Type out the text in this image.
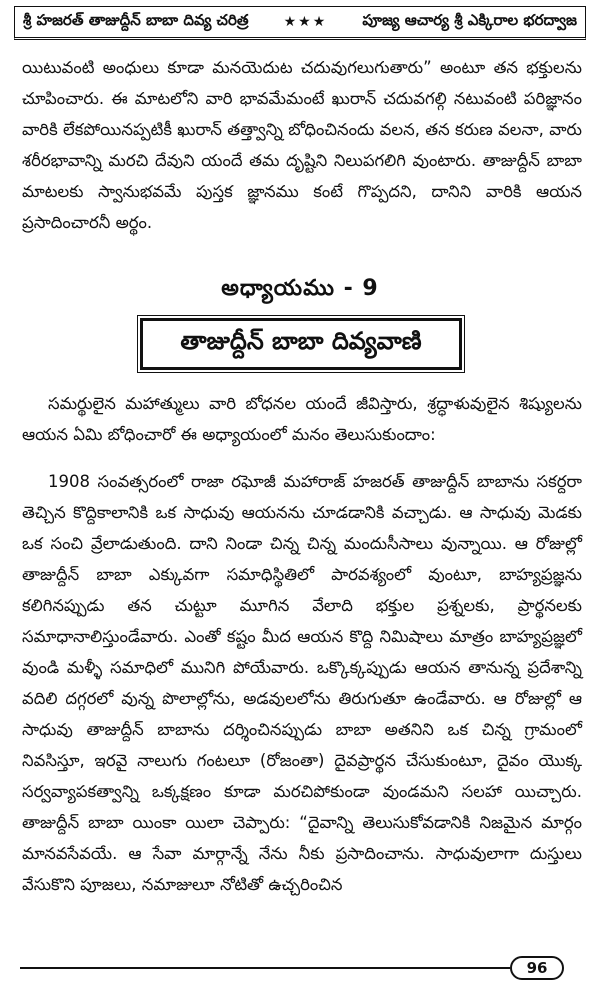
శ్రీ హజరత్ తాజుద్దీన్ బాబా దివ్య చరిత్ర	★★★	పూజ్య ఆచార్య శ్రీ ఎక్కిరాల భరద్వాజ

యిటువంటి అంధులు కూడా మనయెదుట చదువుగలుగుతారు” అంటూ తన భక్తులను చూపించారు. ఈ మాటలోని వారి భావమేమంటే ఖురాన్ చదువగల్గి నటువంటి పరిజ్ఞానం వారికి లేకపోయినప్పటికీ ఖురాన్ తత్త్వాన్ని బోధించినందు వలన, తన కరుణ వలనా, వారు శరీరభావాన్ని మరచి దేవుని యందే తమ దృష్టిని నిలుపగలిగి వుంటారు. తాజుద్దీన్ బాబా మాటలకు స్వానుభవమే పుస్తక జ్ఞానము కంటే గొప్పదని, దానిని వారికి ఆయన ప్రసాదించారనీ అర్థం.

అధ్యాయము - 9
తాజుద్దీన్ బాబా దివ్యవాణి

సమర్థులైన మహాత్ములు వారి బోధనల యందే జీవిస్తారు, శ్రద్ధాళువులైన శిష్యులను ఆయన ఏమి బోధించారో ఈ అధ్యాయంలో మనం తెలుసుకుందాం:

1908 సంవత్సరంలో రాజా రఘోజీ మహారాజ్ హజరత్ తాజుద్దీన్ బాబాను సకర్దరా తెచ్చిన కొద్దికాలానికి ఒక సాధువు ఆయనను చూడడానికి వచ్చాడు. ఆ సాధువు మెడకు ఒక సంచి వ్రేలాడుతుంది. దాని నిండా చిన్న చిన్న మందుసీసాలు వున్నాయి. ఆ రోజుల్లో తాజుద్దీన్ బాబా ఎక్కువగా సమాధిస్థితిలో పారవశ్యంలో వుంటూ, బాహ్యప్రజ్ఞను కలిగినప్పుడు తన చుట్టూ మూగిన వేలాది భక్తుల ప్రశ్నలకు, ప్రార్థనలకు సమాధానాలిస్తుండేవారు. ఎంతో కష్టం మీద ఆయన కొద్ది నిమిషాలు మాత్రం బాహ్యప్రజ్ఞలో వుండి మళ్ళీ సమాధిలో మునిగి పోయేవారు. ఒక్కొక్కప్పుడు ఆయన తానున్న ప్రదేశాన్ని వదిలి దగ్గరలో వున్న పొలాల్లోను, అడవులలోను తిరుగుతూ ఉండేవారు. ఆ రోజుల్లో ఆ సాధువు తాజుద్దీన్ బాబాను దర్శించినప్పుడు బాబా అతనిని ఒక చిన్న గ్రామంలో నివసిస్తూ, ఇరవై నాలుగు గంటలూ (రోజంతా) దైవప్రార్థన చేసుకుంటూ, దైవం యొక్క సర్వవ్యాపకత్వాన్ని ఒక్కక్షణం కూడా మరచిపోకుండా వుండమని సలహా యిచ్చారు. తాజుద్దీన్ బాబా యింకా యిలా చెప్పారు: “దైవాన్ని తెలుసుకోవడానికి నిజమైన మార్గం మానవసేవయే. ఆ సేవా మార్గాన్నే నేను నీకు ప్రసాదించాను. సాధువులాగా దుస్తులు వేసుకొని పూజలు, నమాజులూ నోటితో ఉచ్చరించిన

96
